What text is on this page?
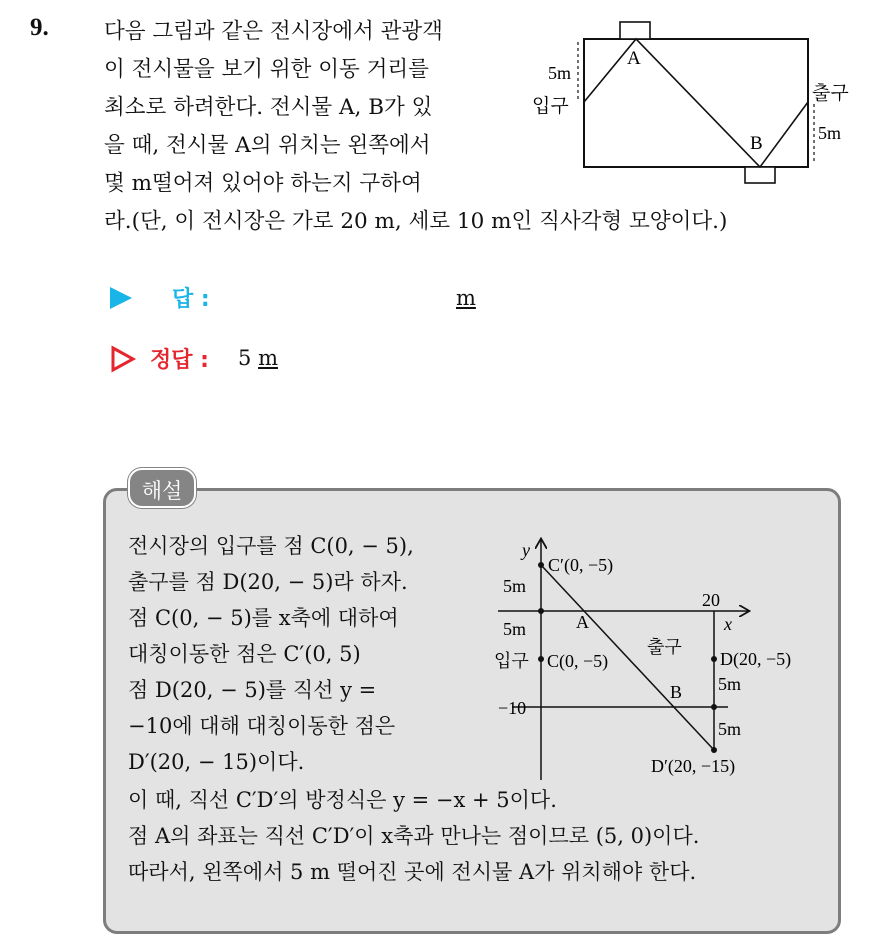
9.	다음 그림과 같은 전시장에서 관광객
이 전시물을 보기 위한 이동 거리를
최소로 하려한다. 전시물 A, B가 있
을 때, 전시물 A의 위치는 왼쪽에서
몇 m떨어져 있어야 하는지 구하여
라.(단, 이 전시장은 가로 20 m, 세로 10 m인 직사각형 모양이다.)
A
B
입구
출구
5m
5m
답 :	m
정답 : 5 m
해설
전시장의 입구를 점 C(0, − 5),
출구를 점 D(20, − 5)라 하자.
점 C(0, − 5)를 x축에 대하여
대칭이동한 점은 C′(0, 5)
점 D(20, − 5)를 직선 y =
−10에 대해 대칭이동한 점은
D′(20, − 15)이다.
이 때, 직선 C′D′의 방정식은 y = −x + 5이다.
점 A의 좌표는 직선 C′D′이 x축과 만나는 점이므로 (5, 0)이다.
따라서, 왼쪽에서 5 m 떨어진 곳에 전시물 A가 위치해야 한다.
y
x
20
−10
C′(0, −5)
C(0, −5)	D(20, −5)
D′(20, −15)
A
B
입구
출구
5m
5m
5m
5m
